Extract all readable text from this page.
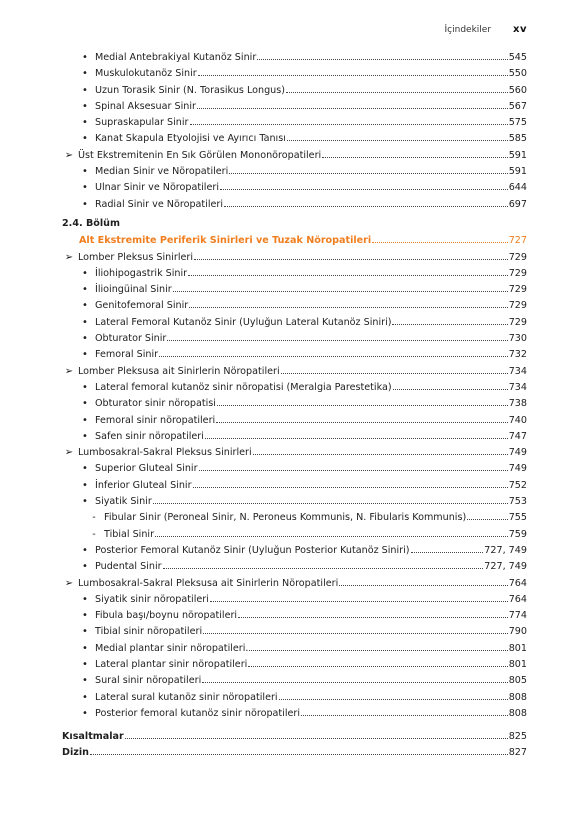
İçindekiler xv
• Medial Antebrakiyal Kutanöz Sinir	545
• Muskulokutanöz Sinir	550
• Uzun Torasik Sinir (N. Torasikus Longus)	560
• Spinal Aksesuar Sinir	567
• Supraskapular Sinir	575
• Kanat Skapula Etyolojisi ve Ayırıcı Tanısı	585
➢ Üst Ekstremitenin En Sık Görülen Mononöropatileri	591
• Median Sinir ve Nöropatileri	591
• Ulnar Sinir ve Nöropatileri	644
• Radial Sinir ve Nöropatileri	697
2.4. Bölüm
Alt Ekstremite Periferik Sinirleri ve Tuzak Nöropatileri	727
➢ Lomber Pleksus Sinirleri	729
• İliohipogastrik Sinir	729
• İlioingüinal Sinir	729
• Genitofemoral Sinir	729
• Lateral Femoral Kutanöz Sinir (Uyluğun Lateral Kutanöz Siniri)	729
• Obturator Sinir	730
• Femoral Sinir	732
➢ Lomber Pleksusa ait Sinirlerin Nöropatileri	734
• Lateral femoral kutanöz sinir nöropatisi (Meralgia Parestetika)	734
• Obturator sinir nöropatisi	738
• Femoral sinir nöropatileri	740
• Safen sinir nöropatileri	747
➢ Lumbosakral-Sakral Pleksus Sinirleri	749
• Superior Gluteal Sinir	749
• İnferior Gluteal Sinir	752
• Siyatik Sinir	753
- Fibular Sinir (Peroneal Sinir, N. Peroneus Kommunis, N. Fibularis Kommunis)	755
- Tibial Sinir	759
• Posterior Femoral Kutanöz Sinir (Uyluğun Posterior Kutanöz Siniri)	727, 749
• Pudental Sinir	727, 749
➢ Lumbosakral-Sakral Pleksusa ait Sinirlerin Nöropatileri	764
• Siyatik sinir nöropatileri	764
• Fibula başı/boynu nöropatileri	774
• Tibial sinir nöropatileri	790
• Medial plantar sinir nöropatileri.	801
• Lateral plantar sinir nöropatileri	801
• Sural sinir nöropatileri	805
• Lateral sural kutanöz sinir nöropatileri	808
• Posterior femoral kutanöz sinir nöropatileri	808
Kısaltmalar	825
Dizin	827
